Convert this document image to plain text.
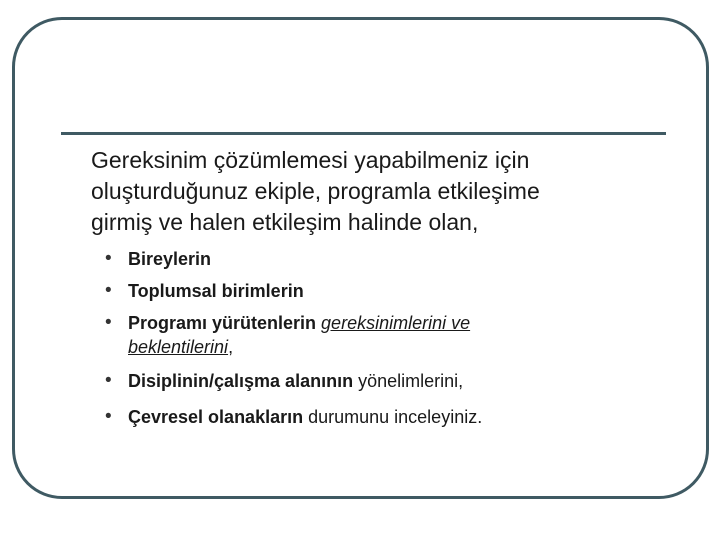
Gereksinim çözümlemesi yapabilmeniz için
oluşturduğunuz ekiple, programla etkileşime
girmiş ve halen etkileşim halinde olan,
• Bireylerin
• Toplumsal birimlerin
• Programı yürütenlerin gereksinimlerini ve beklentilerini,
• Disiplinin/çalışma alanının yönelimlerini,
• Çevresel olanakların durumunu inceleyiniz.
